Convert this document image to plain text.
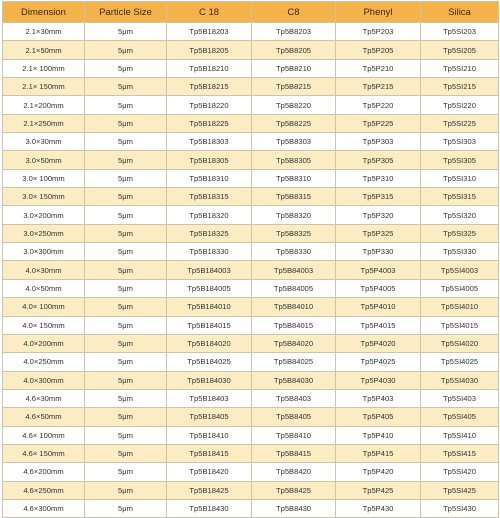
Dimension	Particle Size	C 18	C8	Phenyl	Silica
2.1×30mm	5μm	Tp5B18203	Tp5B8203	Tp5P203	Tp5SI203
2.1×50mm	5μm	Tp5B18205	Tp5B8205	Tp5P205	Tp5SI205
2.1× 100mm	5μm	Tp5B18210	Tp5B8210	Tp5P210	Tp5SI210
2.1× 150mm	5μm	Tp5B18215	Tp5B8215	Tp5P215	Tp5SI215
2.1×200mm	5μm	Tp5B18220	Tp5B8220	Tp5P220	Tp5SI220
2.1×250mm	5μm	Tp5B18225	Tp5B8225	Tp5P225	Tp5SI225
3.0×30mm	5μm	Tp5B18303	Tp5B8303	Tp5P303	Tp5SI303
3.0×50mm	5μm	Tp5B18305	Tp5B8305	Tp5P305	Tp5SI305
3.0× 100mm	5μm	Tp5B18310	Tp5B8310	Tp5P310	Tp5SI310
3.0× 150mm	5μm	Tp5B18315	Tp5B8315	Tp5P315	Tp5SI315
3.0×200mm	5μm	Tp5B18320	Tp5B8320	Tp5P320	Tp5SI320
3.0×250mm	5μm	Tp5B18325	Tp5B8325	Tp5P325	Tp5SI325
3.0×300mm	5μm	Tp5B18330	Tp5B8330	Tp5P330	Tp5SI330
4.0×30mm	5μm	Tp5B184003	Tp5B84003	Tp5P4003	Tp5SI4003
4.0×50mm	5μm	Tp5B184005	Tp5B84005	Tp5P4005	Tp5SI4005
4.0× 100mm	5μm	Tp5B184010	Tp5B84010	Tp5P4010	Tp5SI4010
4.0× 150mm	5μm	Tp5B184015	Tp5B84015	Tp5P4015	Tp5SI4015
4.0×200mm	5μm	Tp5B184020	Tp5B84020	Tp5P4020	Tp5SI4020
4.0×250mm	5μm	Tp5B184025	Tp5B84025	Tp5P4025	Tp5SI4025
4.0×300mm	5μm	Tp5B184030	Tp5B84030	Tp5P4030	Tp5SI4030
4.6×30mm	5μm	Tp5B18403	Tp5B8403	Tp5P403	Tp5SI403
4.6×50mm	5μm	Tp5B18405	Tp5B8405	Tp5P405	Tp5SI405
4.6× 100mm	5μm	Tp5B18410	Tp5B8410	Tp5P410	Tp5SI410
4.6× 150mm	5μm	Tp5B18415	Tp5B8415	Tp5P415	Tp5SI415
4.6×200mm	5μm	Tp5B18420	Tp5B8420	Tp5P420	Tp5SI420
4.6×250mm	5μm	Tp5B18425	Tp5B8425	Tp5P425	Tp5SI425
4.6×300mm	5μm	Tp5B18430	Tp5B8430	Tp5P430	Tp5SI430
